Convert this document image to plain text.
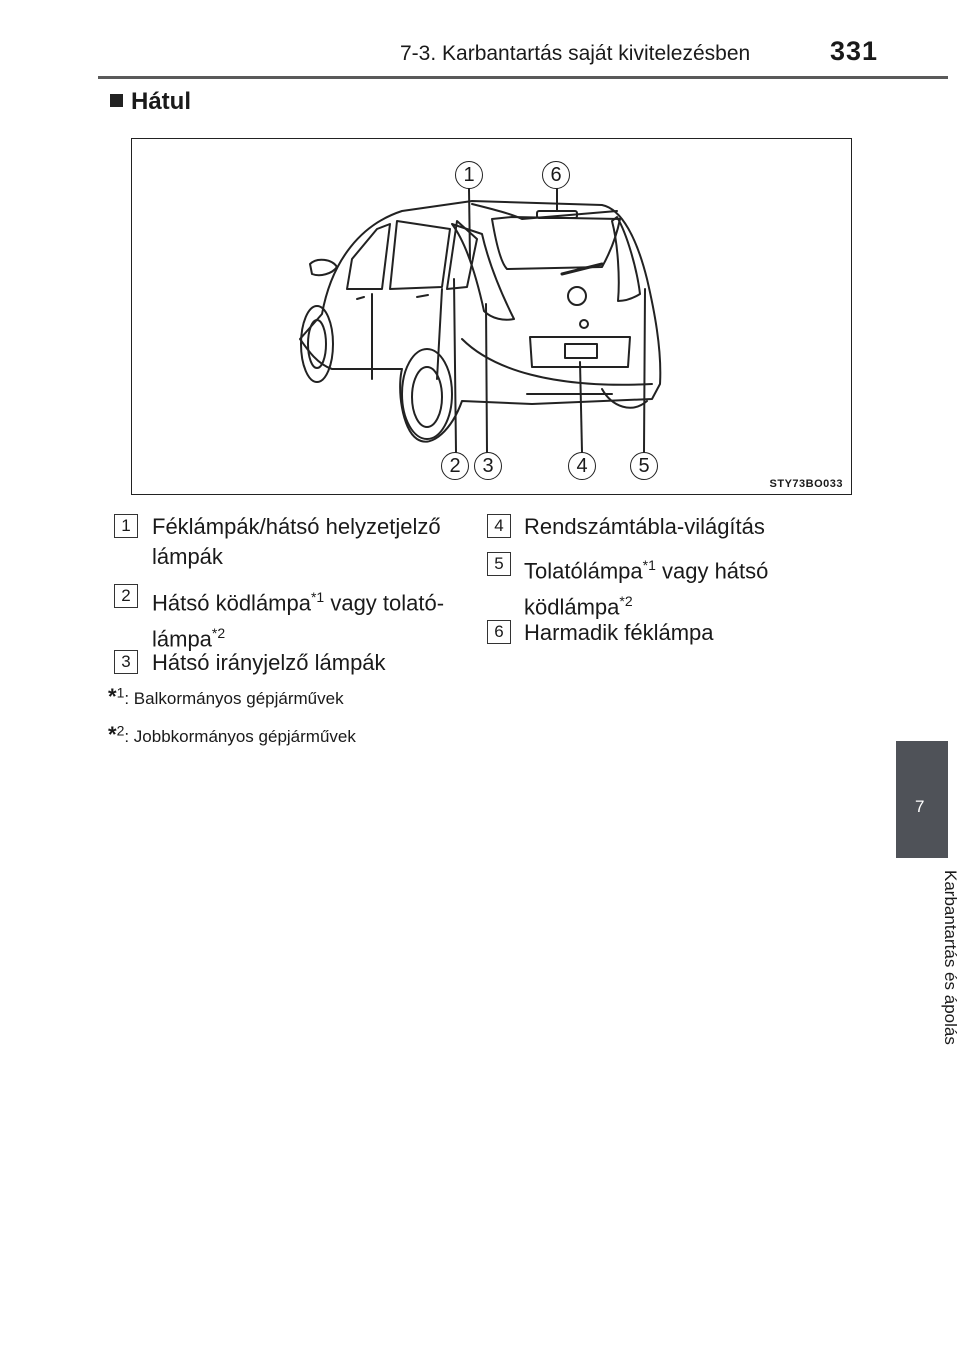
7-3. Karbantartás saját kivitelezésben	331
Hátul
1	6
2	3	4	5
STY73BO033
1 Féklámpák/hátsó helyzetjelző
lámpák
2 Hátsó ködlámpa$^{*1}$ vagy tolató-
lámpa$^{*2}$
3 Hátsó irányjelző lámpák
4 Rendszámtábla-világítás
5 Tolatólámpa$^{*1}$ vagy hátsó
ködlámpa$^{*2}$
6 Harmadik féklámpa
*$^1$: Balkormányos gépjárművek
*$^2$: Jobbkormányos gépjárművek
7
Karbantartás és ápolás
